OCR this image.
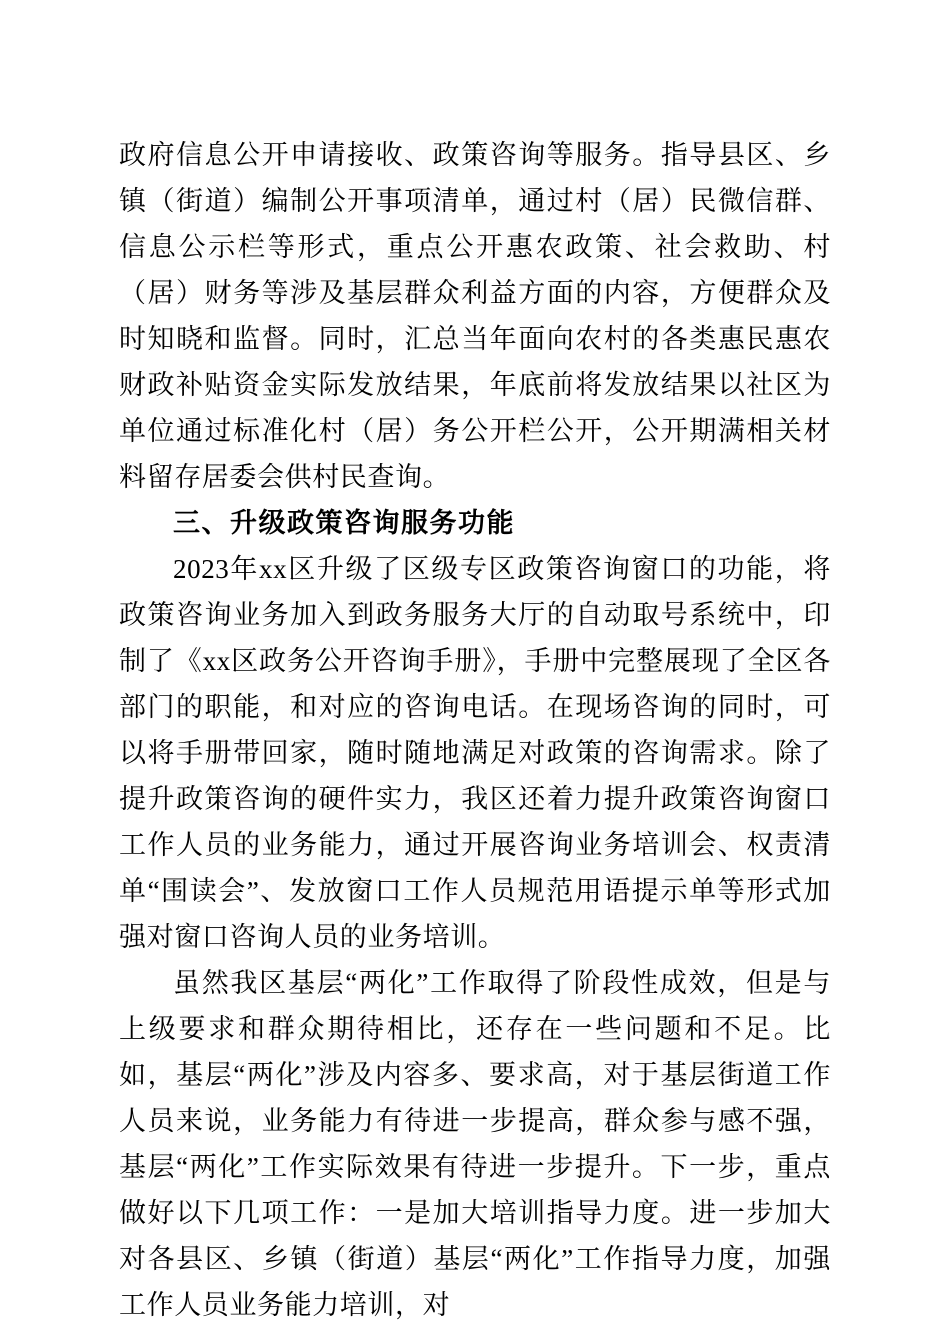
政府信息公开申请接收、政策咨询等服务。指导县区、乡镇（街道）编制公开事项清单，通过村（居）民微信群、信息公示栏等形式，重点公开惠农政策、社会救助、村（居）财务等涉及基层群众利益方面的内容，方便群众及时知晓和监督。同时，汇总当年面向农村的各类惠民惠农财政补贴资金实际发放结果，年底前将发放结果以社区为单位通过标准化村（居）务公开栏公开，公开期满相关材料留存居委会供村民查询。

三、升级政策咨询服务功能

2023年xx区升级了区级专区政策咨询窗口的功能，将政策咨询业务加入到政务服务大厅的自动取号系统中，印制了《xx区政务公开咨询手册》，手册中完整展现了全区各部门的职能，和对应的咨询电话。在现场咨询的同时，可以将手册带回家，随时随地满足对政策的咨询需求。除了提升政策咨询的硬件实力，我区还着力提升政策咨询窗口工作人员的业务能力，通过开展咨询业务培训会、权责清单“围读会”、发放窗口工作人员规范用语提示单等形式加强对窗口咨询人员的业务培训。

虽然我区基层“两化”工作取得了阶段性成效，但是与上级要求和群众期待相比，还存在一些问题和不足。比如，基层“两化”涉及内容多、要求高，对于基层街道工作人员来说，业务能力有待进一步提高，群众参与感不强，基层“两化”工作实际效果有待进一步提升。下一步，重点做好以下几项工作：一是加大培训指导力度。进一步加大对各县区、乡镇（街道）基层“两化”工作指导力度，加强工作人员业务能力培训，对
